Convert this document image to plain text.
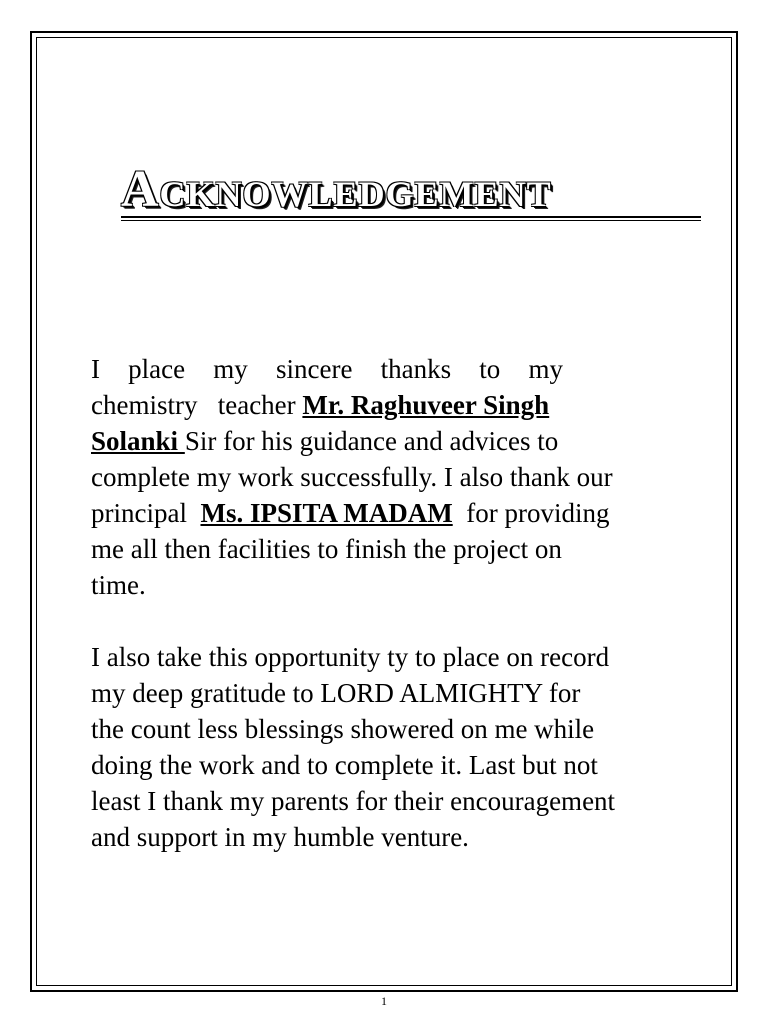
Acknowledgement
I place my sincere thanks to my
chemistry   teacher Mr. Raghuveer Singh
Solanki Sir for his guidance and advices to
complete my work successfully. I also thank our
principal  Ms. IPSITA MADAM  for providing
me all then facilities to finish the project on
time.
I also take this opportunity ty to place on record
my deep gratitude to LORD ALMIGHTY for
the count less blessings showered on me while
doing the work and to complete it. Last but not
least I thank my parents for their encouragement
and support in my humble venture.
1
